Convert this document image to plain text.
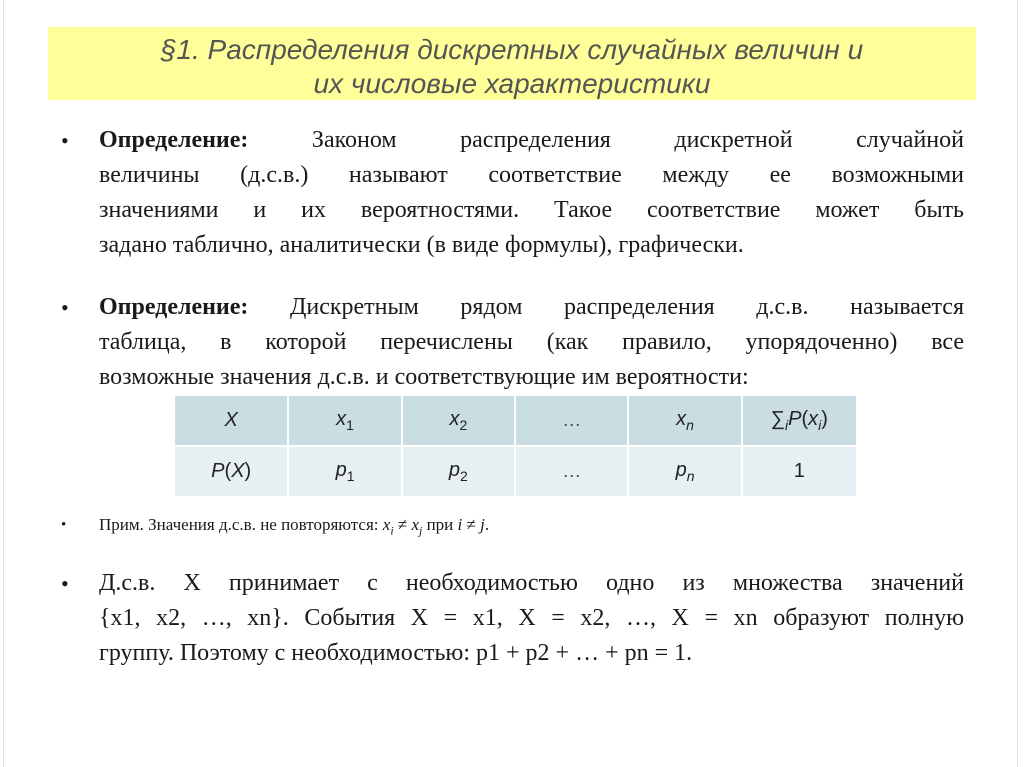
§1. Распределения дискретных случайных величин и
их числовые характеристики
• Определение:	Законом распределения дискретной случайной
величины (д.с.в.) называют соответствие между ее возможными
значениями и их вероятностями. Такое соответствие может быть
задано таблично, аналитически (в виде формулы), графически.
• Определение: Дискретным рядом распределения д.с.в. называется
таблица, в которой перечислены (как правило, упорядоченно) все
возможные значения д.с.в. и соответствующие им вероятности:
X	$x_1$	$x_2$	…	$x_n$	$\sum_iP(x_i)$
P(X)	$p_1$	$p_2$	…	$p_n$	1
• Прим. Значения д.с.в. не повторяются: $x_i \ne x_j$ при i ≠ j.
• Д.с.в. X принимает с необходимостью одно из множества значений
{x1, x2, …, xn}. События X = x1, X = x2, …, X = xn образуют полную
группу. Поэтому с необходимостью: p1 + p2 + … + pn = 1.
